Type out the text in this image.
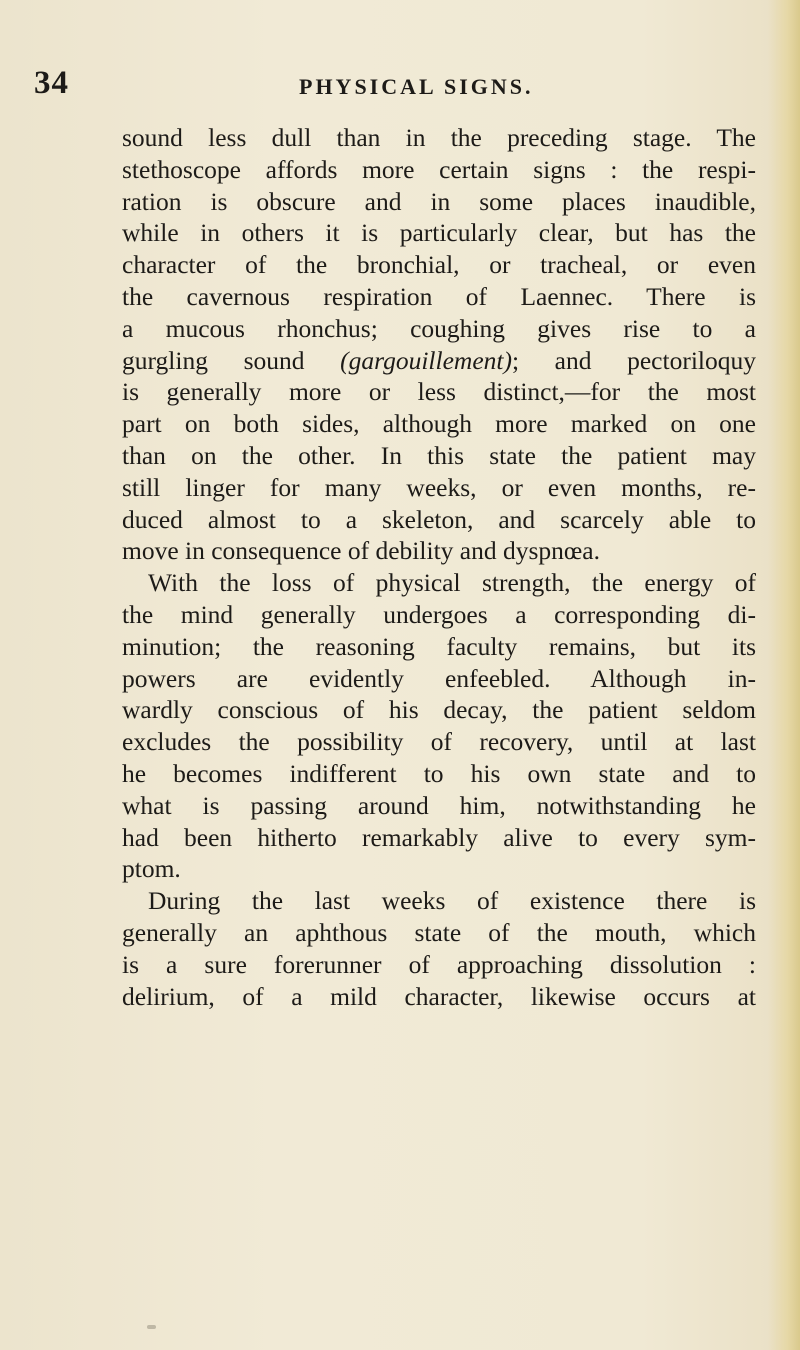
34	PHYSICAL SIGNS.
sound less dull than in the preceding stage. The
stethoscope affords more certain signs : the respi-
ration is obscure and in some places inaudible,
while in others it is particularly clear, but has the
character of the bronchial, or tracheal, or even
the cavernous respiration of Laennec. There is
a mucous rhonchus; coughing gives rise to a
gurgling sound (gargouillement); and pectoriloquy
is generally more or less distinct,—for the most
part on both sides, although more marked on one
than on the other. In this state the patient may
still linger for many weeks, or even months, re-
duced almost to a skeleton, and scarcely able to
move in consequence of debility and dyspnœa.
With the loss of physical strength, the energy of
the mind generally undergoes a corresponding di-
minution; the reasoning faculty remains, but its
powers are evidently enfeebled. Although in-
wardly conscious of his decay, the patient seldom
excludes the possibility of recovery, until at last
he becomes indifferent to his own state and to
what is passing around him, notwithstanding he
had been hitherto remarkably alive to every sym-
ptom.
During the last weeks of existence there is
generally an aphthous state of the mouth, which
is a sure forerunner of approaching dissolution :
delirium, of a mild character, likewise occurs at
